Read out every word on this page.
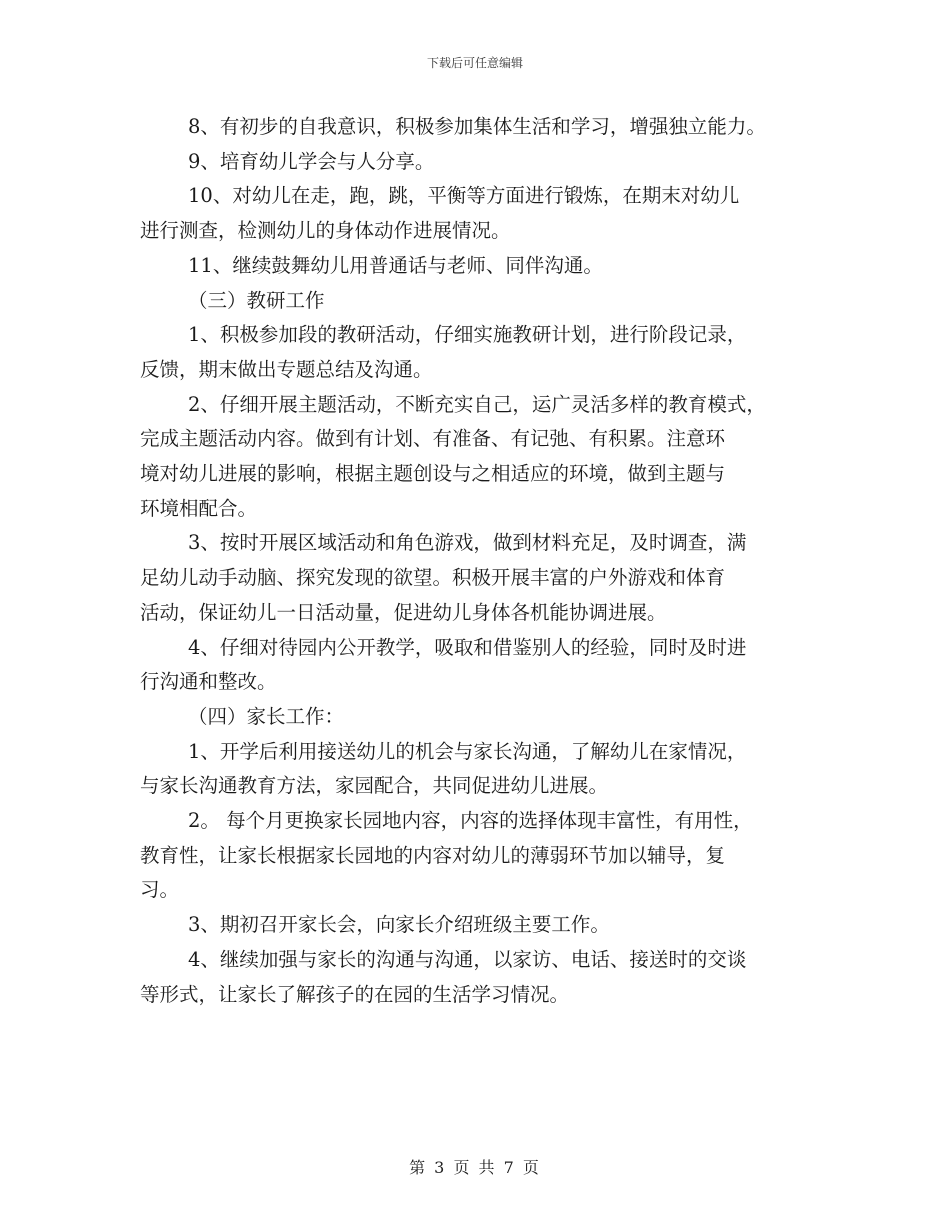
下载后可任意编辑
8、有初步的自我意识，积极参加集体生活和学习，增强独立能力。
9、培育幼儿学会与人分享。
10、对幼儿在走，跑，跳，平衡等方面进行锻炼，在期末对幼儿
进行测查，检测幼儿的身体动作进展情况。
11、继续鼓舞幼儿用普通话与老师、同伴沟通。
（三）教研工作
1、积极参加段的教研活动，仔细实施教研计划，进行阶段记录，
反馈，期末做出专题总结及沟通。
2、仔细开展主题活动，不断充实自己，运广灵活多样的教育模式，
完成主题活动内容。做到有计划、有准备、有记弛、有积累。注意环
境对幼儿进展的影响，根据主题创设与之相适应的环境，做到主题与
环境相配合。
3、按时开展区域活动和角色游戏，做到材料充足，及时调查，满
足幼儿动手动脑、探究发现的欲望。积极开展丰富的户外游戏和体育
活动，保证幼儿一日活动量，促进幼儿身体各机能协调进展。
4、仔细对待园内公开教学，吸取和借鉴别人的经验，同时及时进
行沟通和整改。
（四）家长工作：
1、开学后利用接送幼儿的机会与家长沟通，了解幼儿在家情况，
与家长沟通教育方法，家园配合，共同促进幼儿进展。
2。 每个月更换家长园地内容，内容的选择体现丰富性，有用性，
教育性，让家长根据家长园地的内容对幼儿的薄弱环节加以辅导，复
习。
3、期初召开家长会，向家长介绍班级主要工作。
4、继续加强与家长的沟通与沟通，以家访、电话、接送时的交谈
等形式，让家长了解孩子的在园的生活学习情况。
第 3 页 共 7 页
